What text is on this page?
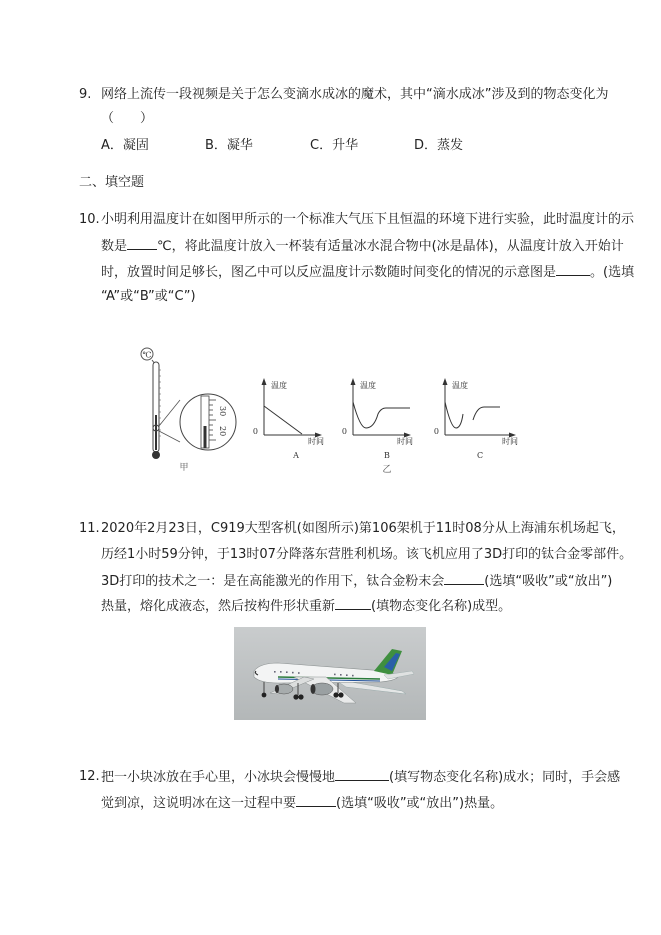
9. 网络上流传一段视频是关于怎么变滴水成冰的魔术，其中“滴水成冰”涉及到的物态变化为
（　　）
A．凝固	B．凝华	C．升华	D．蒸发
二、填空题
10. 小明利用温度计在如图甲所示的一个标准大气压下且恒温的环境下进行实验，此时温度计的示
数是 ℃，将此温度计放入一杯装有适量冰水混合物中(冰是晶体)，从温度计放入开始计
时，放置时间足够长，图乙中可以反应温度计示数随时间变化的情况的示意图是	。(选填
“A”或“B”或“C”)
℃
30
20
甲
温度
时间
0
A
温度
时间
0
B
乙
温度
时间
0
C
11. 2020年2月23日，C919大型客机(如图所示)第106架机于11时08分从上海浦东机场起飞，
历经1小时59分钟，于13时07分降落东营胜利机场。该飞机应用了3D打印的钛合金零部件。
3D打印的技术之一：是在高能激光的作用下，钛合金粉末会	(选填“吸收”或“放出”)
热量，熔化成液态，然后按构件形状重新	(填物态变化名称)成型。
12. 把一小块冰放在手心里，小冰块会慢慢地	(填写物态变化名称)成水；同时，手会感
觉到凉，这说明冰在这一过程中要	(选填“吸收”或“放出”)热量。
